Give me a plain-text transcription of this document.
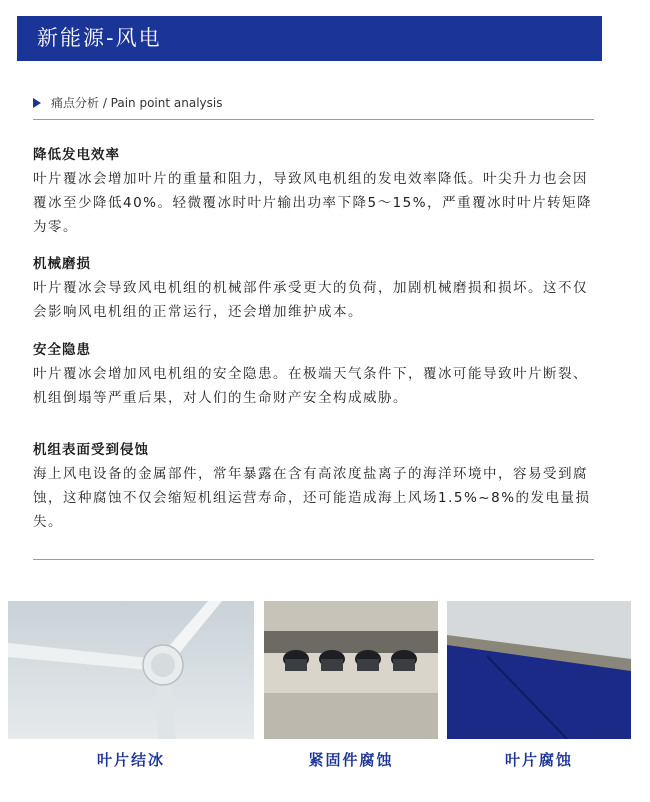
新能源-风电
痛点分析 / Pain point analysis
降低发电效率

叶片覆冰会增加叶片的重量和阻力，导致风电机组的发电效率降低。叶尖升力也会因覆冰至少降低40%。轻微覆冰时叶片输出功率下降5～15%，严重覆冰时叶片转矩降为零。

机械磨损

叶片覆冰会导致风电机组的机械部件承受更大的负荷，加剧机械磨损和损坏。这不仅会影响风电机组的正常运行，还会增加维护成本。

安全隐患

叶片覆冰会增加风电机组的安全隐患。在极端天气条件下，覆冰可能导致叶片断裂、机组倒塌等严重后果，对人们的生命财产安全构成威胁。

机组表面受到侵蚀

海上风电设备的金属部件，常年暴露在含有高浓度盐离子的海洋环境中，容易受到腐蚀，这种腐蚀不仅会缩短机组运营寿命，还可能造成海上风场1.5%~8%的发电量损失。

叶片结冰	紧固件腐蚀	叶片腐蚀
